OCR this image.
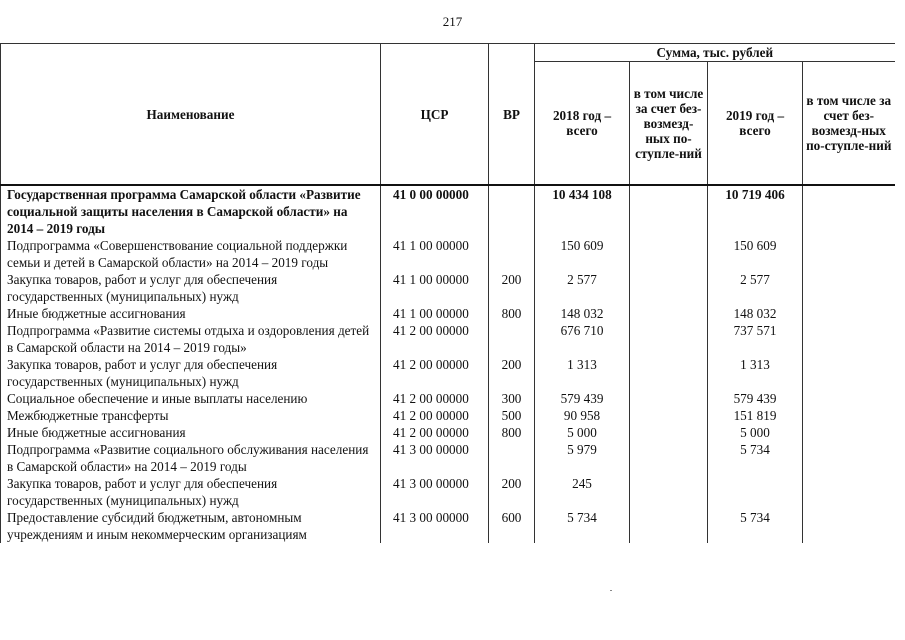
217
Наименование	ЦСР	ВР	Сумма, тыс. рублей			
			2018 год – всего	в том числе за счет без-возмезд-ных по-ступле-ний	2019 год – всего	в том числе за счет без-возмезд-ных по-ступле-ний
Государственная программа Самарской области «Развитие социальной защиты населения в Самарской области» на 2014 – 2019 годы	41 0 00 00000		10 434 108		10 719 406	
Подпрограмма «Совершенствование социальной поддержки семьи и детей в Самарской области» на 2014 – 2019 годы	41 1 00 00000		150 609		150 609	
Закупка товаров, работ и услуг для обеспечения государственных (муниципальных) нужд	41 1 00 00000	200	2 577		2 577	
Иные бюджетные ассигнования	41 1 00 00000	800	148 032		148 032	
Подпрограмма «Развитие системы отдыха и оздоровления детей в Самарской области на 2014 – 2019 годы»	41 2 00 00000		676 710		737 571	
Закупка товаров, работ и услуг для обеспечения государственных (муниципальных) нужд	41 2 00 00000	200	1 313		1 313	
Социальное обеспечение и иные выплаты населению	41 2 00 00000	300	579 439		579 439	
Межбюджетные трансферты	41 2 00 00000	500	90 958		151 819	
Иные бюджетные ассигнования	41 2 00 00000	800	5 000		5 000	
Подпрограмма «Развитие социального обслуживания населения в Самарской области» на 2014 – 2019 годы	41 3 00 00000		5 979		5 734	
Закупка товаров, работ и услуг для обеспечения государственных (муниципальных) нужд	41 3 00 00000	200	245			
Предоставление субсидий бюджетным, автономным учреждениям и иным некоммерческим организациям	41 3 00 00000	600	5 734		5 734	
